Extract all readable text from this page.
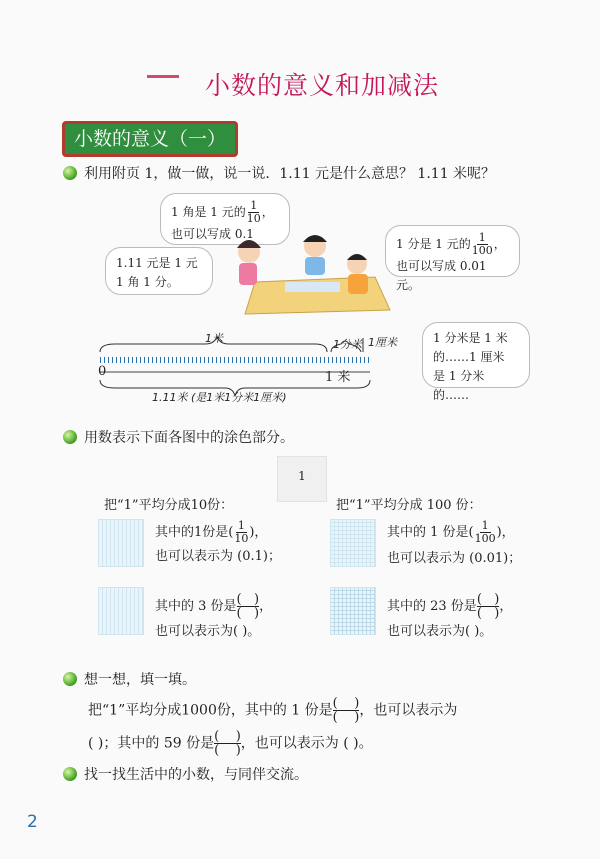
小数的意义和加减法
小数的意义（一）
利用附页 1，做一做，说一说．1.11 元是什么意思？ 1.11 米呢？
1 角是 1 元的 $\frac{1}{10}$ ，
也可以写成 0.1
1 分是 1 元的 $\frac{1}{100}$ ，
也可以写成 0.01 元。
1.11 元是 1 元
1 角 1 分。
1 分米是 1 米
的……1 厘米
是 1 分米的……
1米	1分米 1厘米
0	1 米
1.11米 (是1米1分米1厘米)
用数表示下面各图中的涂色部分。
1
把“1”平均分成10份：
其中的1份是( $\frac{1}{10}$ )，
也可以表示为 (0.1)；
其中的 3 份是 (   )
(   ) ，
也可以表示为( )。
把“1”平均分成 100 份：
其中的 1 份是( $\frac{1}{100}$ )，
也可以表示为 (0.01)；
其中的 23 份是 (   )
(   ) ，
也可以表示为( )。
想一想，填一填。
把“1”平均分成1000份，其中的 1 份是 (    )
(    ) ，也可以表示为
( )；其中的 59 份是 (    )
(    ) ，也可以表示为 ( )。
找一找生活中的小数，与同伴交流。
2
